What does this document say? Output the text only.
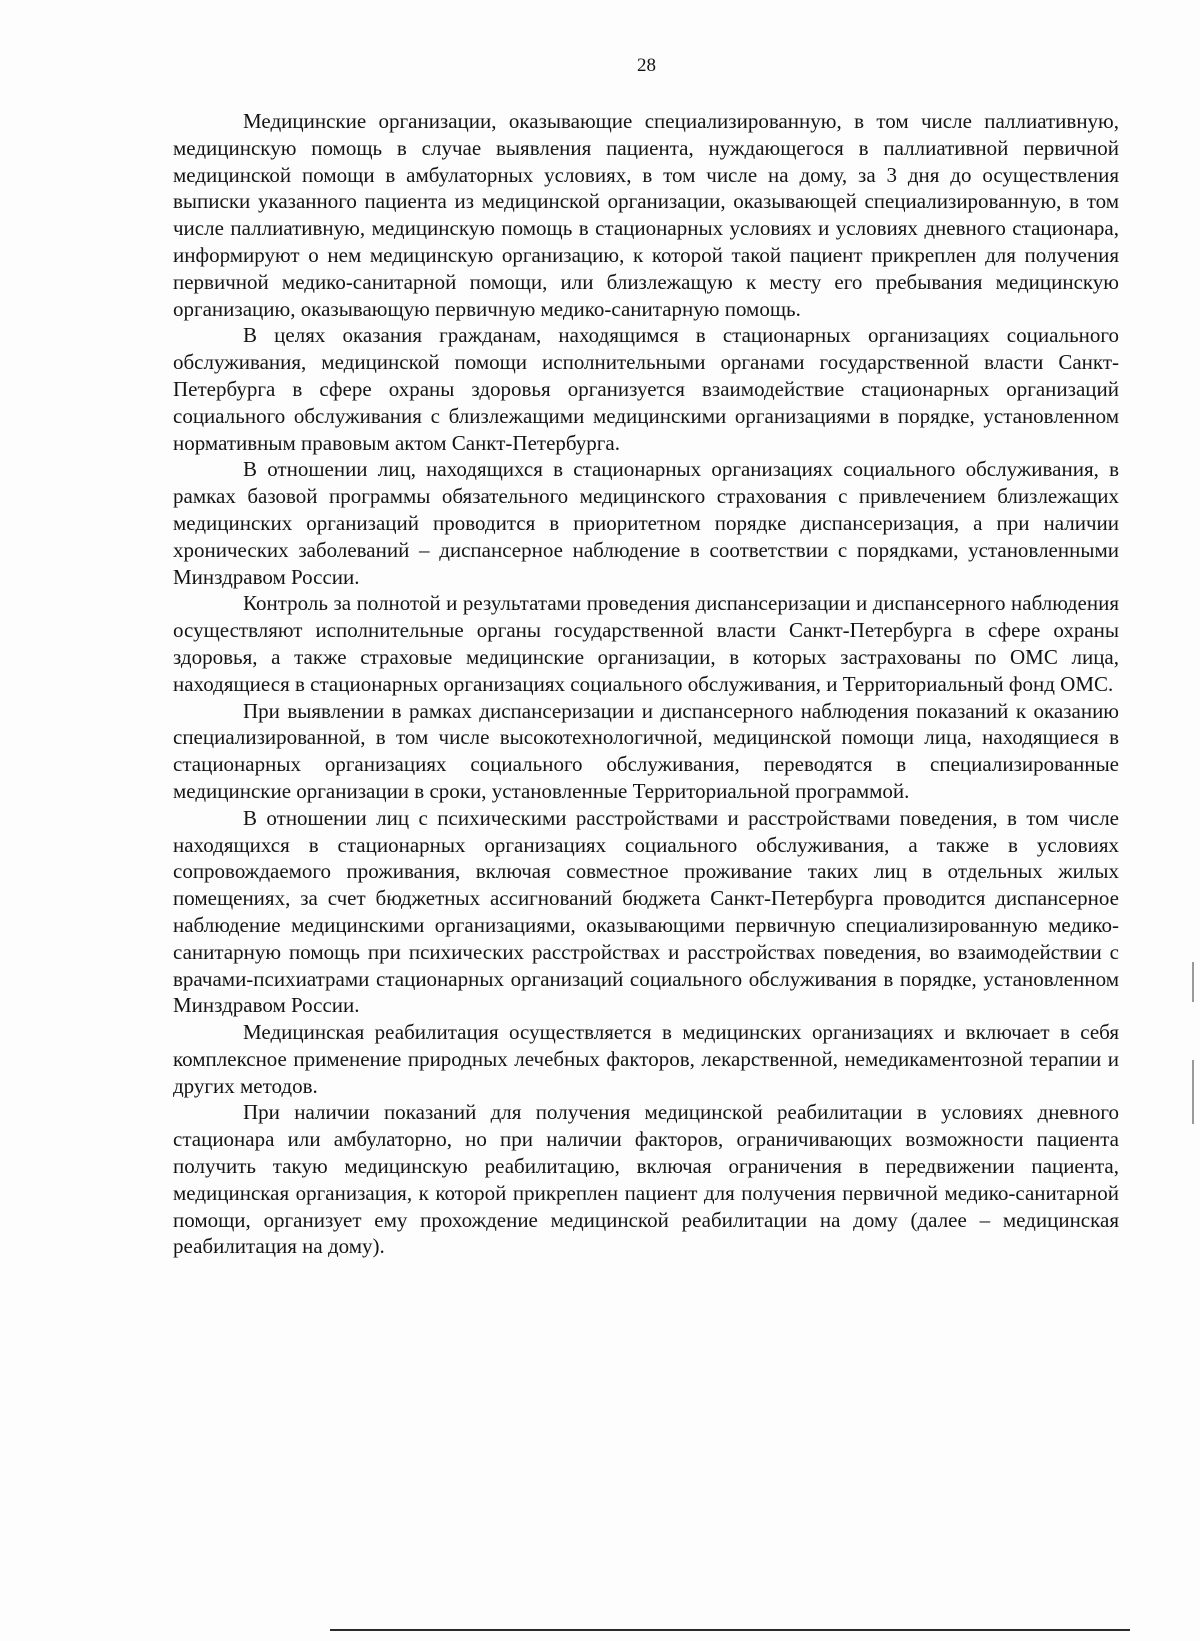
28

Медицинские организации, оказывающие специализированную, в том числе паллиативную, медицинскую помощь в случае выявления пациента, нуждающегося в паллиативной первичной медицинской помощи в амбулаторных условиях, в том числе на дому, за 3 дня до осуществления выписки указанного пациента из медицинской организации, оказывающей специализированную, в том числе паллиативную, медицинскую помощь в стационарных условиях и условиях дневного стационара, информируют о нем медицинскую организацию, к которой такой пациент прикреплен для получения первичной медико-санитарной помощи, или близлежащую к месту его пребывания медицинскую организацию, оказывающую первичную медико-санитарную помощь.

В целях оказания гражданам, находящимся в стационарных организациях социального обслуживания, медицинской помощи исполнительными органами государственной власти Санкт-Петербурга в сфере охраны здоровья организуется взаимодействие стационарных организаций социального обслуживания с близлежащими медицинскими организациями в порядке, установленном нормативным правовым актом Санкт-Петербурга.

В отношении лиц, находящихся в стационарных организациях социального обслуживания, в рамках базовой программы обязательного медицинского страхования с привлечением близлежащих медицинских организаций проводится в приоритетном порядке диспансеризация, а при наличии хронических заболеваний – диспансерное наблюдение в соответствии с порядками, установленными Минздравом России.

Контроль за полнотой и результатами проведения диспансеризации и диспансерного наблюдения осуществляют исполнительные органы государственной власти Санкт-Петербурга в сфере охраны здоровья, а также страховые медицинские организации, в которых застрахованы по ОМС лица, находящиеся в стационарных организациях социального обслуживания, и Территориальный фонд ОМС.

При выявлении в рамках диспансеризации и диспансерного наблюдения показаний к оказанию специализированной, в том числе высокотехнологичной, медицинской помощи лица, находящиеся в стационарных организациях социального обслуживания, переводятся в специализированные медицинские организации в сроки, установленные Территориальной программой.

В отношении лиц с психическими расстройствами и расстройствами поведения, в том числе находящихся в стационарных организациях социального обслуживания, а также в условиях сопровождаемого проживания, включая совместное проживание таких лиц в отдельных жилых помещениях, за счет бюджетных ассигнований бюджета Санкт-Петербурга проводится диспансерное наблюдение медицинскими организациями, оказывающими первичную специализированную медико-санитарную помощь при психических расстройствах и расстройствах поведения, во взаимодействии с врачами-психиатрами стационарных организаций социального обслуживания в порядке, установленном Минздравом России.

Медицинская реабилитация осуществляется в медицинских организациях и включает в себя комплексное применение природных лечебных факторов, лекарственной, немедикаментозной терапии и других методов.

При наличии показаний для получения медицинской реабилитации в условиях дневного стационара или амбулаторно, но при наличии факторов, ограничивающих возможности пациента получить такую медицинскую реабилитацию, включая ограничения в передвижении пациента, медицинская организация, к которой прикреплен пациент для получения первичной медико-санитарной помощи, организует ему прохождение медицинской реабилитации на дому (далее – медицинская реабилитация на дому).
